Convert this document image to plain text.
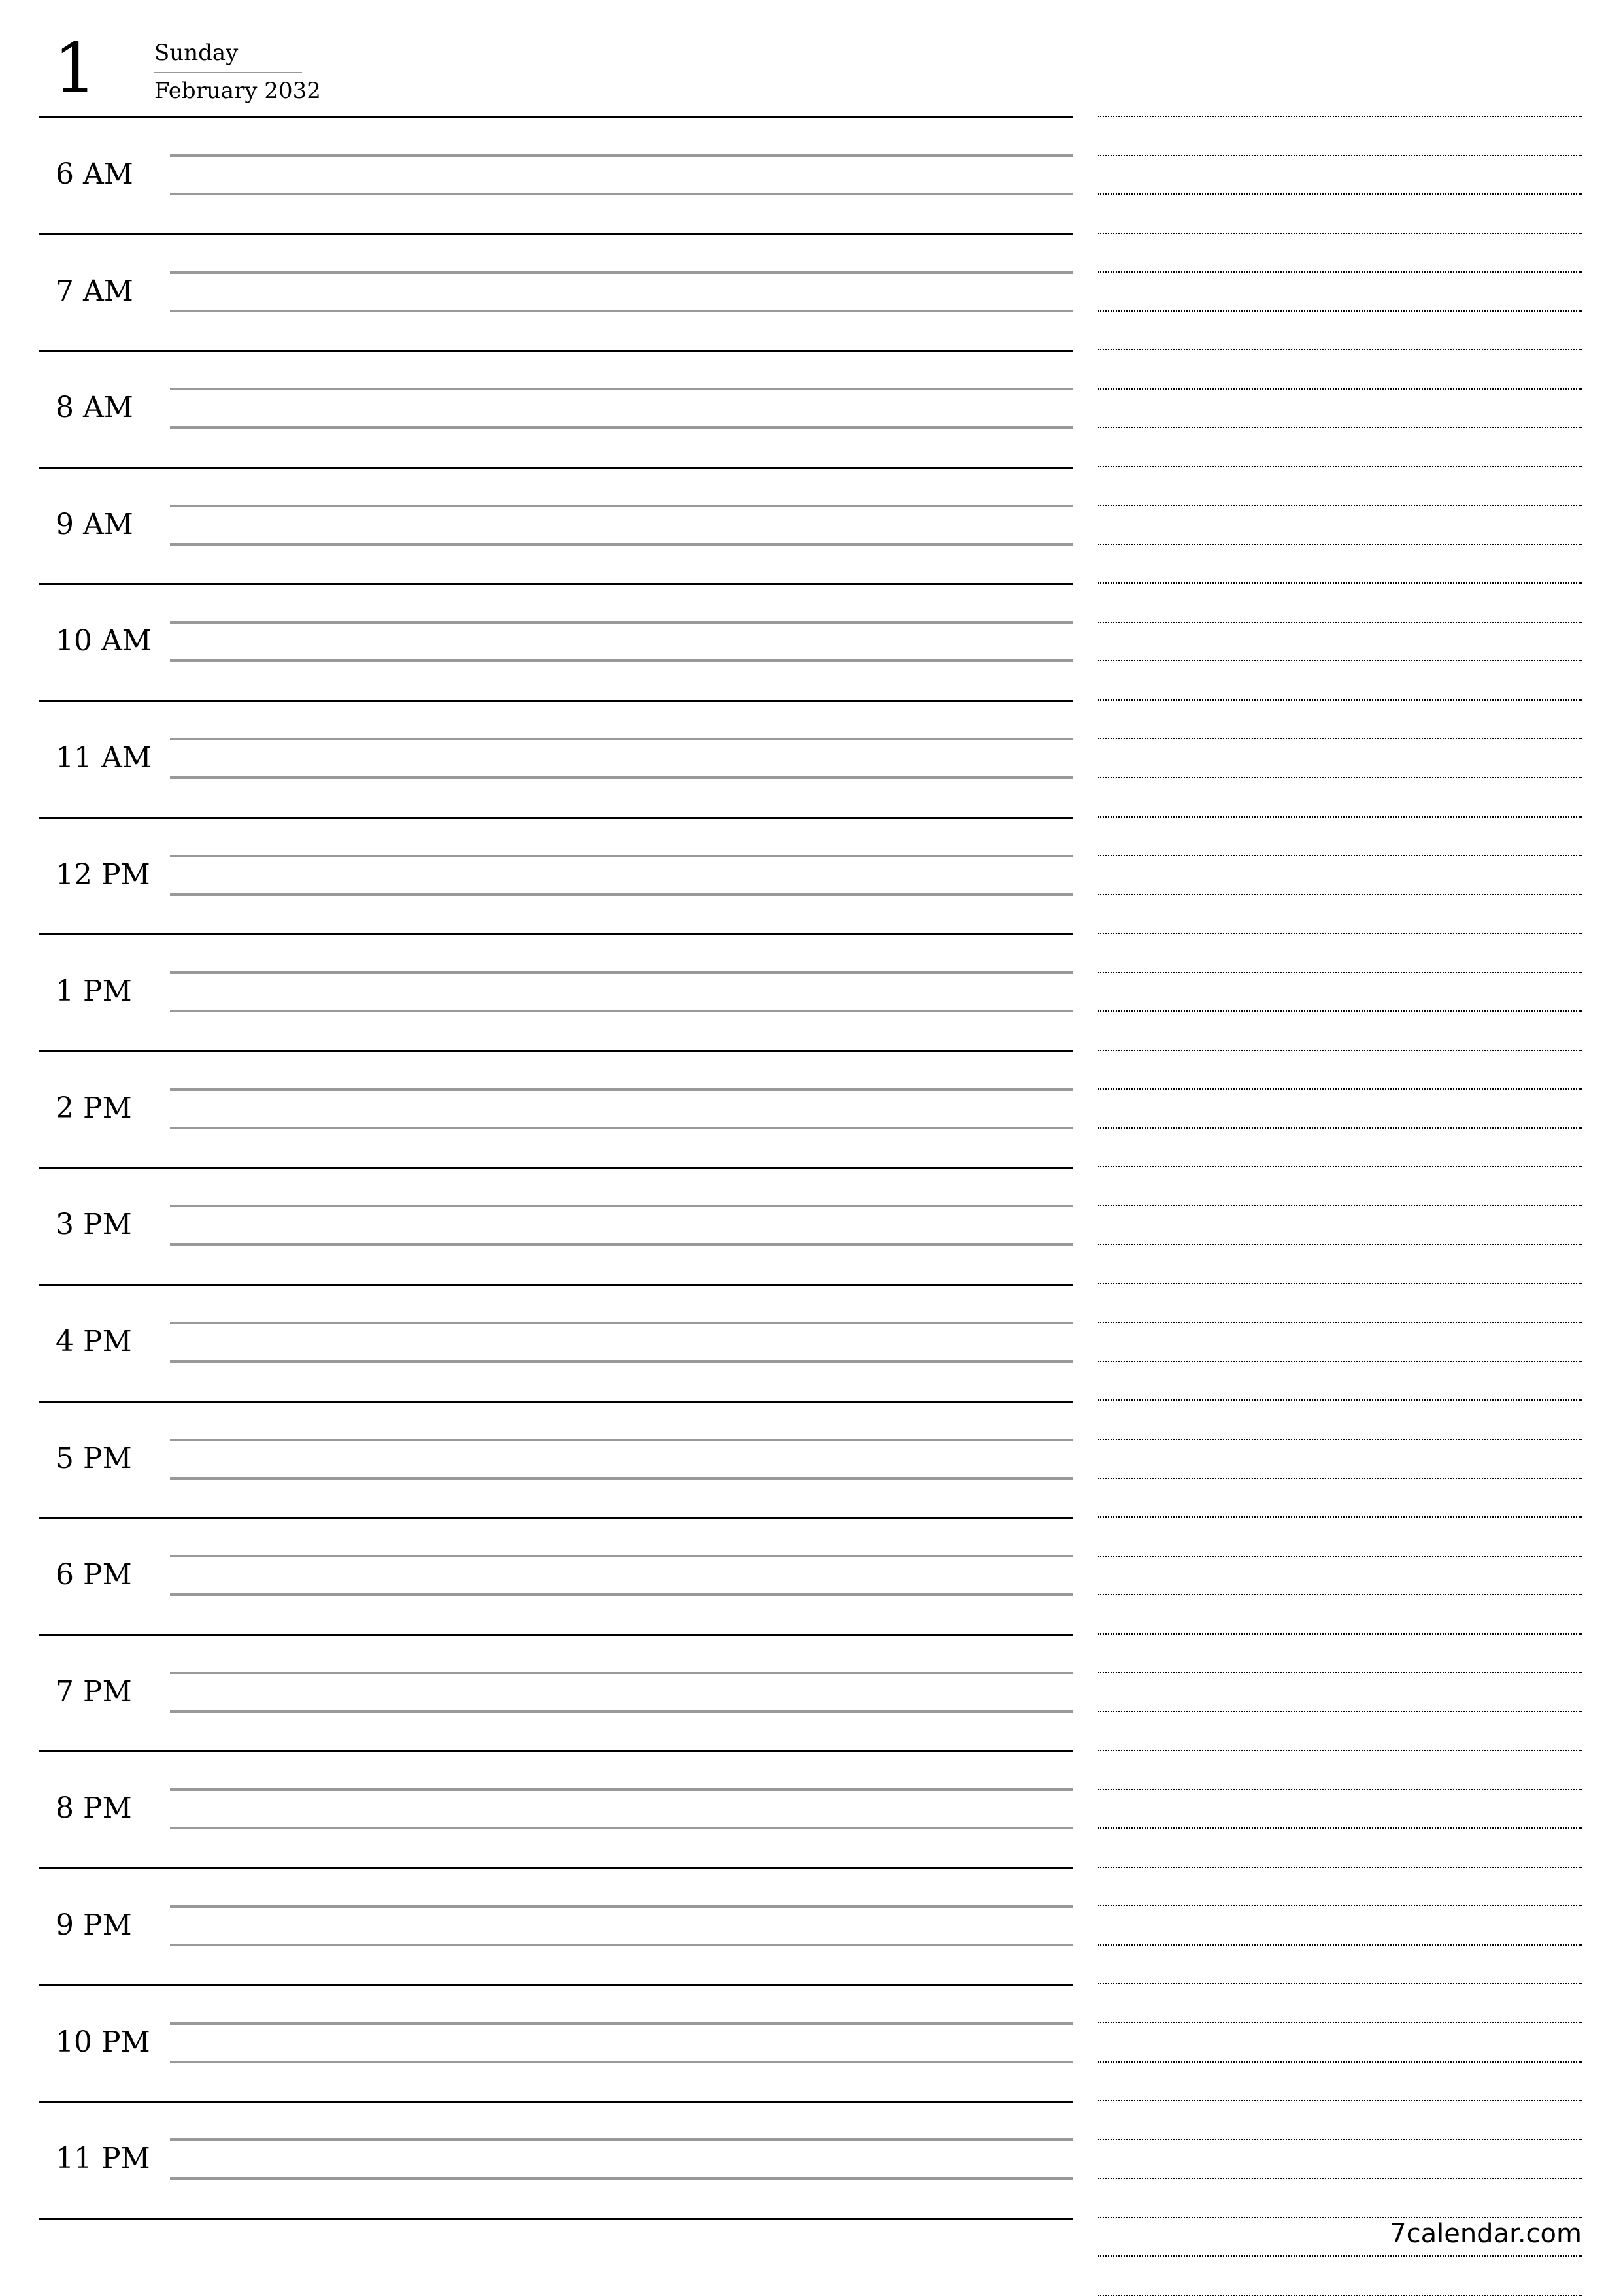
1	Sunday
February 2032
6 AM
7 AM
8 AM
9 AM
10 AM
11 AM
12 PM
1 PM
2 PM
3 PM
4 PM
5 PM
6 PM
7 PM
8 PM
9 PM
10 PM
11 PM
7calendar.com
